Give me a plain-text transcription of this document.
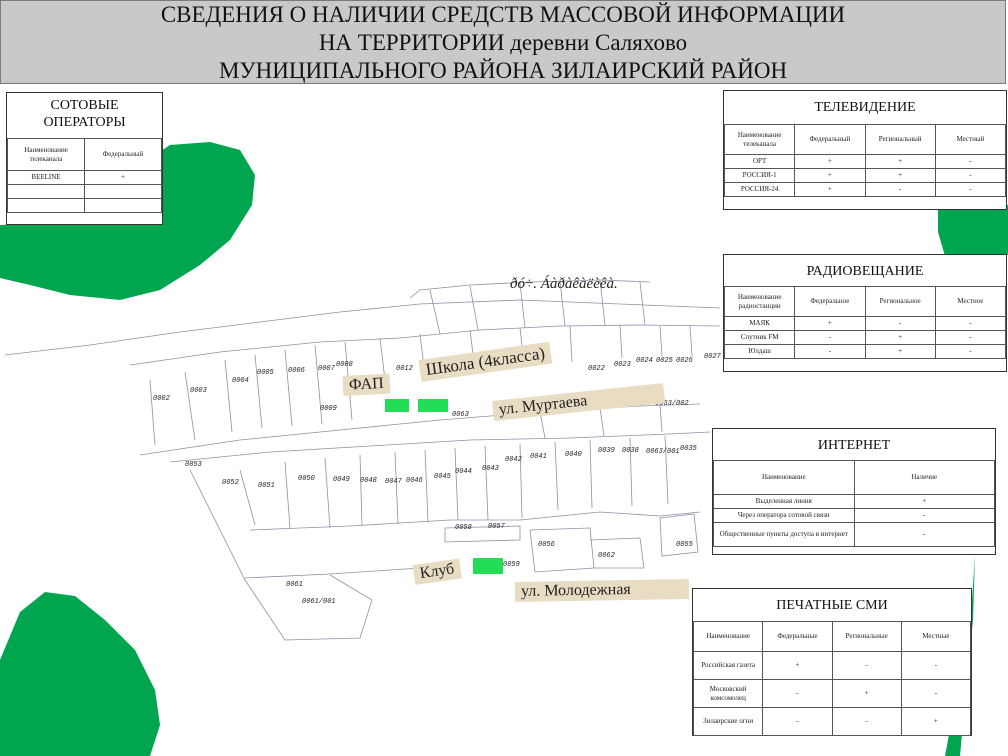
ðó÷. Áàðàêàëèêà.
0002
0003
0004
0005 0006 0007 0008
0009
0012	0022 0023 0024 0025 0026 0027
0063
0063/002
0035
0039 0038 0063/001
0040
0041
0042
0043
0044
0045
0046
0047
0048
0049
0050
0051
0052
0053
0056
0057
0058
0059
0062
0055
0061
0061/001
СВЕДЕНИЯ О НАЛИЧИИ СРЕДСТВ МАССОВОЙ ИНФОРМАЦИИ
НА ТЕРРИТОРИИ деревни Саляхово
МУНИЦИПАЛЬНОГО РАЙОНА ЗИЛАИРСКИЙ РАЙОН
ФАП
Школа (4класса)
ул. Муртаева
Клуб
ул. Молодежная
СОТОВЫЕ
ОПЕРАТОРЫ
Наименование телеканала	Федеральный
BEELINE	+

ТЕЛЕВИДЕНИЕ
Наименование телеканала	Федеральный	Региональный	Местный
ОРТ	+	+	-
РОССИЯ-1	+	+	-
РОССИЯ-24	+	-	-
РАДИОВЕЩАНИЕ
Наименование радиостанции	Федеральное	Региональное	Местное
МАЯК	+	-	-
Спутник FM	-	+	-
Юлдаш	-	+	-
ИНТЕРНЕТ
Наименование	Наличие
Выделенная линия	+
Через оператора сотовой связи	-
Общественные пункты доступа в интернет	-
ПЕЧАТНЫЕ СМИ
Наименование	Федеральные	Региональные	Местные
Российская газета	+	-	-
Московский комсомолец	-	+	-
Зилаирские огни	-	-	+
